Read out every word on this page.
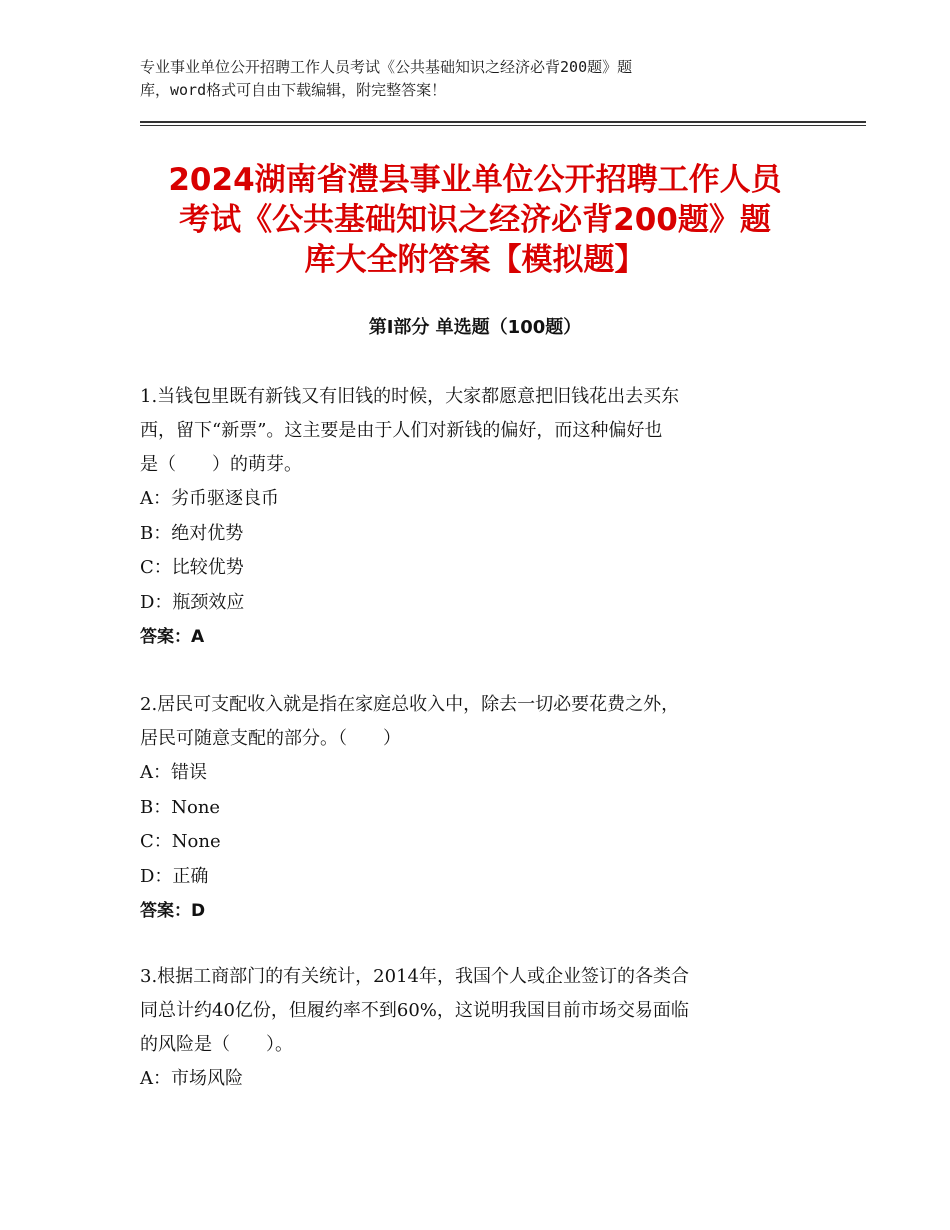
专业事业单位公开招聘工作人员考试《公共基础知识之经济必背200题》题
库，word格式可自由下载编辑，附完整答案！
2024湖南省澧县事业单位公开招聘工作人员
考试《公共基础知识之经济必背200题》题
库大全附答案【模拟题】
第Ⅰ部分 单选题（100题）

1.当钱包里既有新钱又有旧钱的时候，大家都愿意把旧钱花出去买东

西，留下“新票”。这主要是由于人们对新钱的偏好，而这种偏好也

是（　　）的萌芽。

A：劣币驱逐良币

B：绝对优势

C：比较优势

D：瓶颈效应

答案：A

2.居民可支配收入就是指在家庭总收入中，除去一切必要花费之外，

居民可随意支配的部分。（　　）

A：错误

B：None

C：None

D：正确

答案：D

3.根据工商部门的有关统计，2014年，我国个人或企业签订的各类合

同总计约40亿份，但履约率不到60%，这说明我国目前市场交易面临

的风险是（　　）。

A：市场风险
